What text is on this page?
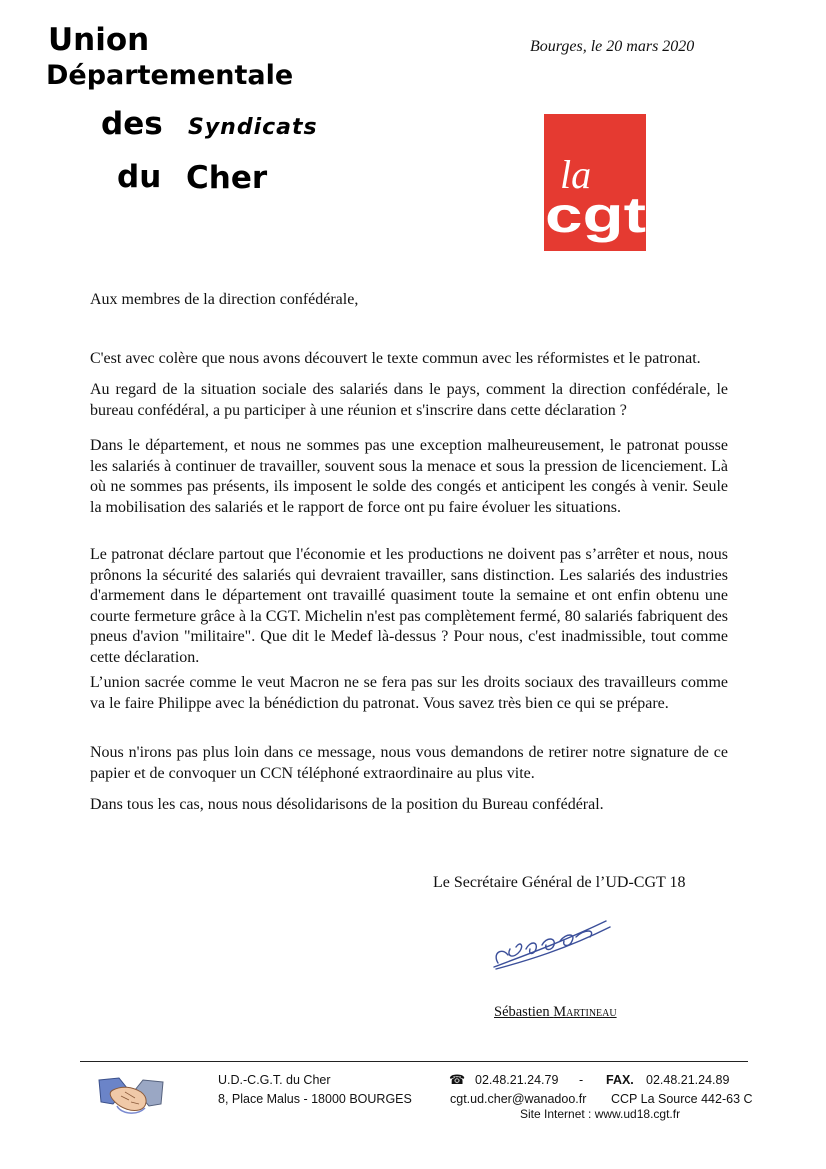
Union
Départementale
des Syndicats
du Cher
Bourges, le 20 mars 2020
la
cgt

Aux membres de la direction confédérale,

C'est avec colère que nous avons découvert le texte commun avec les réformistes et le patronat.

Au regard de la situation sociale des salariés dans le pays, comment la direction confédérale, le bureau confédéral, a pu participer à une réunion et s'inscrire dans cette déclaration ?

Dans le département, et nous ne sommes pas une exception malheureusement, le patronat pousse les salariés à continuer de travailler, souvent sous la menace et sous la pression de licenciement. Là où ne sommes pas présents, ils imposent le solde des congés et anticipent les congés à venir. Seule la mobilisation des salariés et le rapport de force ont pu faire évoluer les situations.

Le patronat déclare partout que l'économie et les productions ne doivent pas s’arrêter et nous, nous prônons la sécurité des salariés qui devraient travailler, sans distinction. Les salariés des industries d'armement dans le département ont travaillé quasiment toute la semaine et ont enfin obtenu une courte fermeture grâce à la CGT. Michelin n'est pas complètement fermé, 80 salariés fabriquent des pneus d'avion "militaire". Que dit le Medef là-dessus ? Pour nous, c'est inadmissible, tout comme cette déclaration.

L’union sacrée comme le veut Macron ne se fera pas sur les droits sociaux des travailleurs comme va le faire Philippe avec la bénédiction du patronat. Vous savez très bien ce qui se prépare.

Nous n'irons pas plus loin dans ce message, nous vous demandons de retirer notre signature de ce papier et de convoquer un CCN téléphoné extraordinaire au plus vite.

Dans tous les cas, nous nous désolidarisons de la position du Bureau confédéral.

Le Secrétaire Général de l’UD-CGT 18
Sébastien Martineau
U.D.-C.G.T. du Cher
8, Place Malus - 18000 BOURGES
☎ 02.48.21.24.79 - FAX. 02.48.21.24.89
cgt.ud.cher@wanadoo.fr CCP La Source 442-63 C
Site Internet : www.ud18.cgt.fr
